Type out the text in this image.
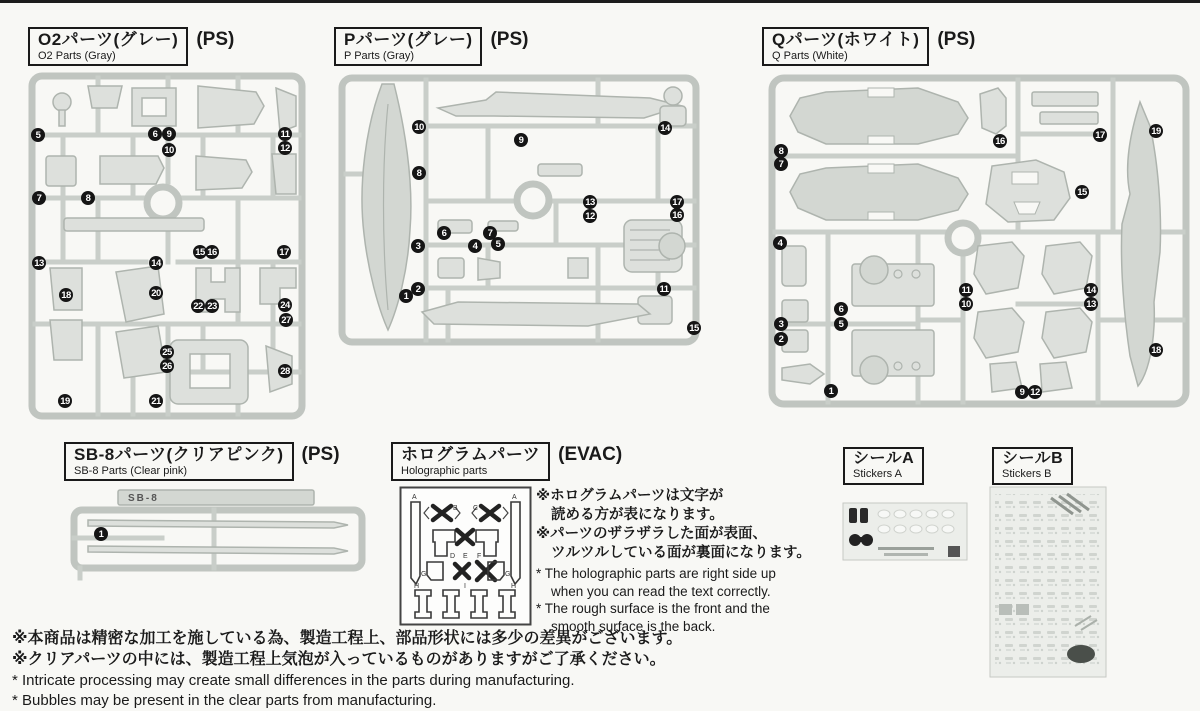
O2パーツ(グレー)
O2 Parts (Gray)
(PS)
5	6 9
10
11
12
7	8
13	14
15 16	17
18	20
22 23	24
27
25
26	28
19	21
Pパーツ(グレー)
P Parts (Gray)
(PS)
10
9
14
8
13	17
12	16
6	7
3	4	5
2
1
11
15
Qパーツ(ホワイト)
Q Parts (White)
(PS)
8
7
16
17	19
15
4
3
2
6
5
1
11
10
14
13
9 12
18
SB-8パーツ(クリアピンク)
SB-8 Parts (Clear pink)
(PS)
SB-8
1
ホログラムパーツ
Holographic parts
(EVAC)
A
B C
A
D E F
G	G
H	I	H
※ホログラムパーツは文字が
読める方が表になります。
※パーツのザラザラした面が表面、
ツルツルしている面が裏面になります。
* The holographic parts are right side up
when you can read the text correctly.
* The rough surface is the front and the
smooth surface is the back.
シールA
Stickers A
シールB
Stickers B
※本商品は精密な加工を施している為、製造工程上、部品形状には多少の差異がございます。
※クリアパーツの中には、製造工程上気泡が入っているものがありますがご了承ください。
* Intricate processing may create small differences in the parts during manufacturing.
* Bubbles may be present in the clear parts from manufacturing.
